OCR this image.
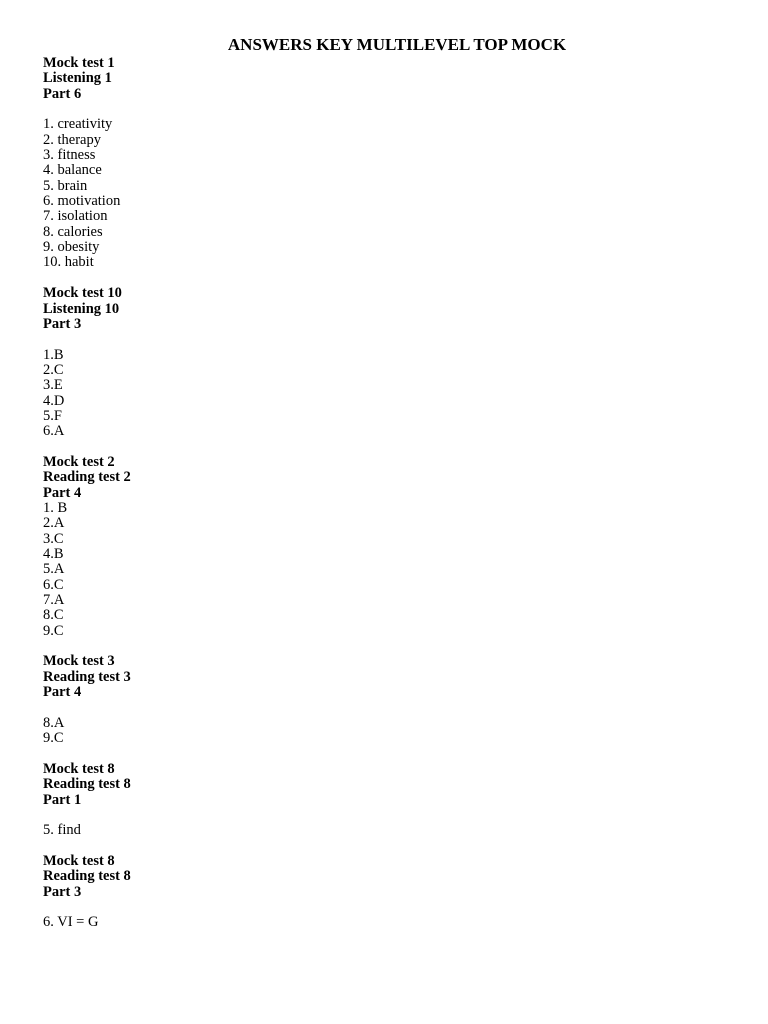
ANSWERS KEY MULTILEVEL TOP MOCK
Mock test 1
Listening 1
Part 6
1. creativity
2. therapy
3. fitness
4. balance
5. brain
6. motivation
7. isolation
8. calories
9. obesity
10. habit
Mock test 10
Listening 10
Part 3
1.B
2.C
3.E
4.D
5.F
6.A
Mock test 2
Reading test 2
Part 4
1. B
2.A
3.C
4.B
5.A
6.C
7.A
8.C
9.C
Mock test 3
Reading test 3
Part 4
8.A
9.C
Mock test 8
Reading test 8
Part 1
5. find
Mock test 8
Reading test 8
Part 3
6. VI = G
